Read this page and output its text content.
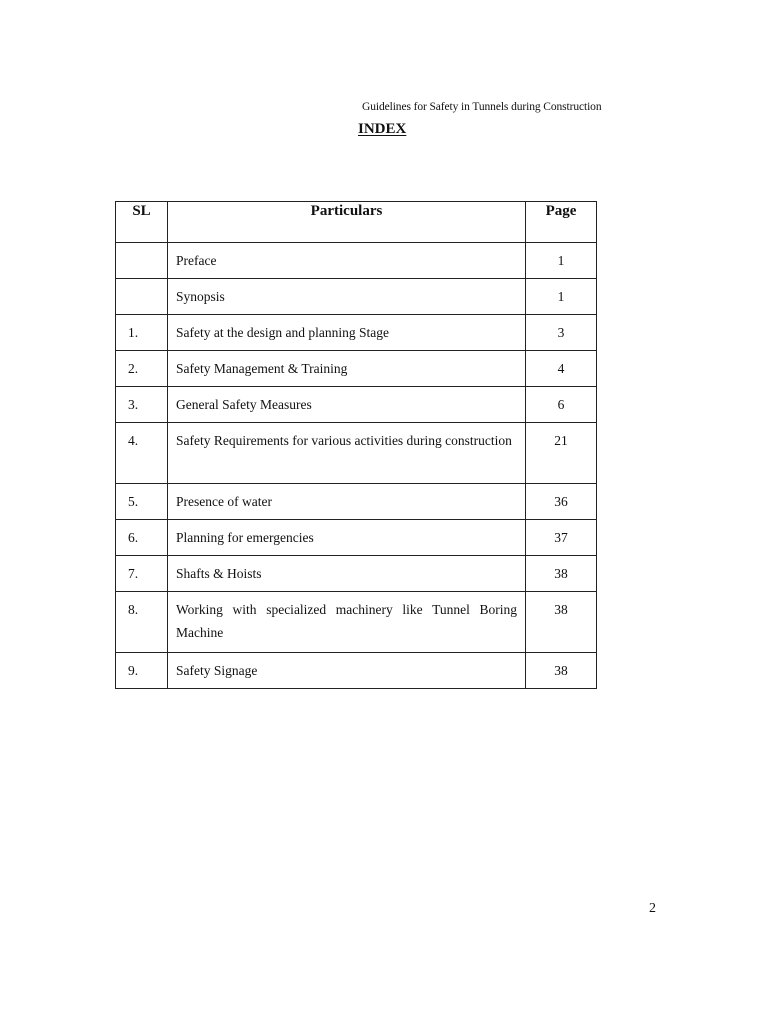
Guidelines for Safety in Tunnels during Construction
INDEX
SL	Particulars	Page
	Preface	1
	Synopsis	1
1.	Safety at the design and planning Stage	3
2.	Safety Management & Training	4
3.	General Safety Measures	6
4.	Safety Requirements for various activities during construction	21
5.	Presence of water	36
6.	Planning for emergencies	37
7.	Shafts & Hoists	38
8.	Working with specialized machinery like Tunnel Boring Machine	38
9.	Safety Signage	38
2
